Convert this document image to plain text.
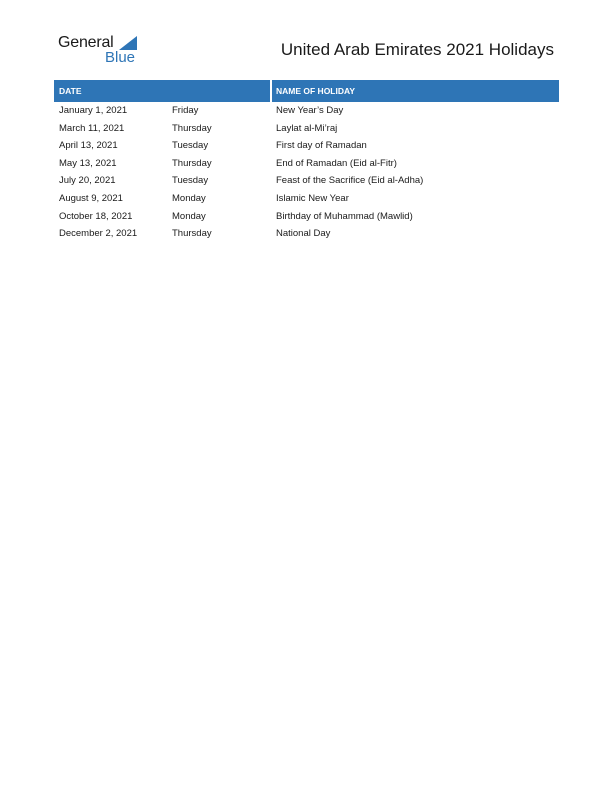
General
Blue	United Arab Emirates 2021 Holidays
DATE	NAME OF HOLIDAY
January 1, 2021	Friday	New Year’s Day
March 11, 2021	Thursday	Laylat al-Mi’raj
April 13, 2021	Tuesday	First day of Ramadan
May 13, 2021	Thursday	End of Ramadan (Eid al-Fitr)
July 20, 2021	Tuesday	Feast of the Sacrifice (Eid al-Adha)
August 9, 2021	Monday	Islamic New Year
October 18, 2021	Monday	Birthday of Muhammad (Mawlid)
December 2, 2021	Thursday	National Day
